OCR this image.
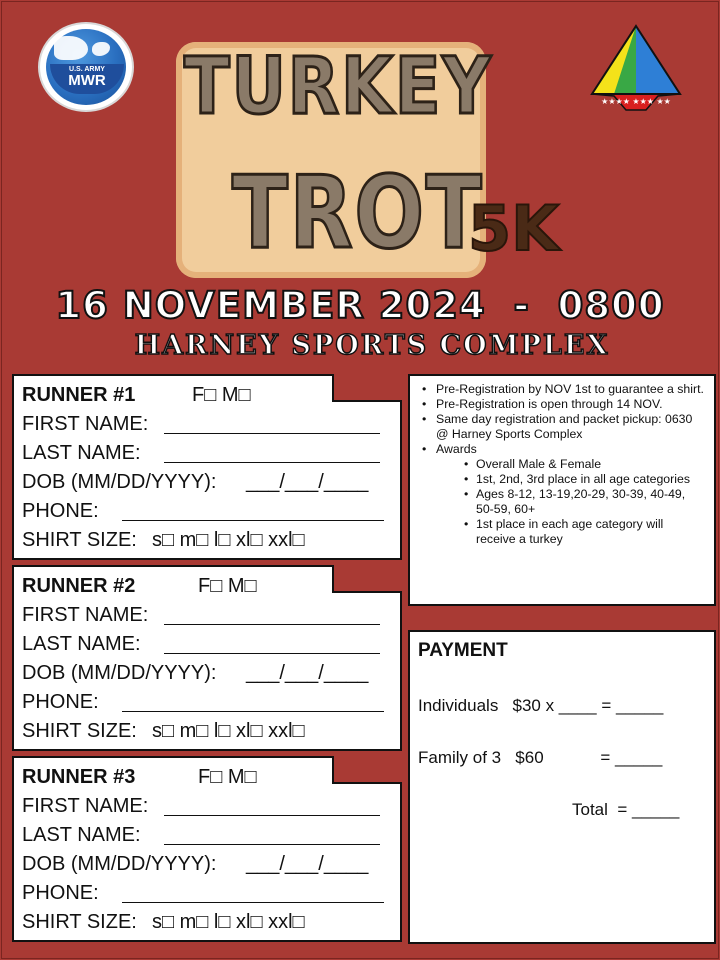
U.S. ARMY
MWR
★★★★ ★★★ ★★
TURKEY
TROT
5K
16 NOVEMBER 2024  -  0800
HARNEY SPORTS COMPLEX
RUNNER #1	F□ M□
FIRST NAME:
LAST NAME:
DOB (MM/DD/YYYY): ___/___/____
PHONE:
SHIRT SIZE: s□ m□ l□ xl□ xxl□
RUNNER #2	F□ M□
FIRST NAME:
LAST NAME:
DOB (MM/DD/YYYY): ___/___/____
PHONE:
SHIRT SIZE: s□ m□ l□ xl□ xxl□
RUNNER #3	F□ M□
FIRST NAME:
LAST NAME:
DOB (MM/DD/YYYY): ___/___/____
PHONE:
SHIRT SIZE: s□ m□ l□ xl□ xxl□
• Pre-Registration by NOV 1st to guarantee a shirt.
• Pre-Registration is open through 14 NOV.
• Same day registration and packet pickup: 0630 @ Harney Sports Complex
• Awards
• Overall Male & Female
• 1st, 2nd, 3rd place in all age categories
• Ages 8-12, 13-19,20-29, 30-39, 40-49, 50-59, 60+
• 1st place in each age category will receive a turkey
PAYMENT
Individuals   $30 x ____ = _____
Family of 3   $60            = _____
Total  = _____
